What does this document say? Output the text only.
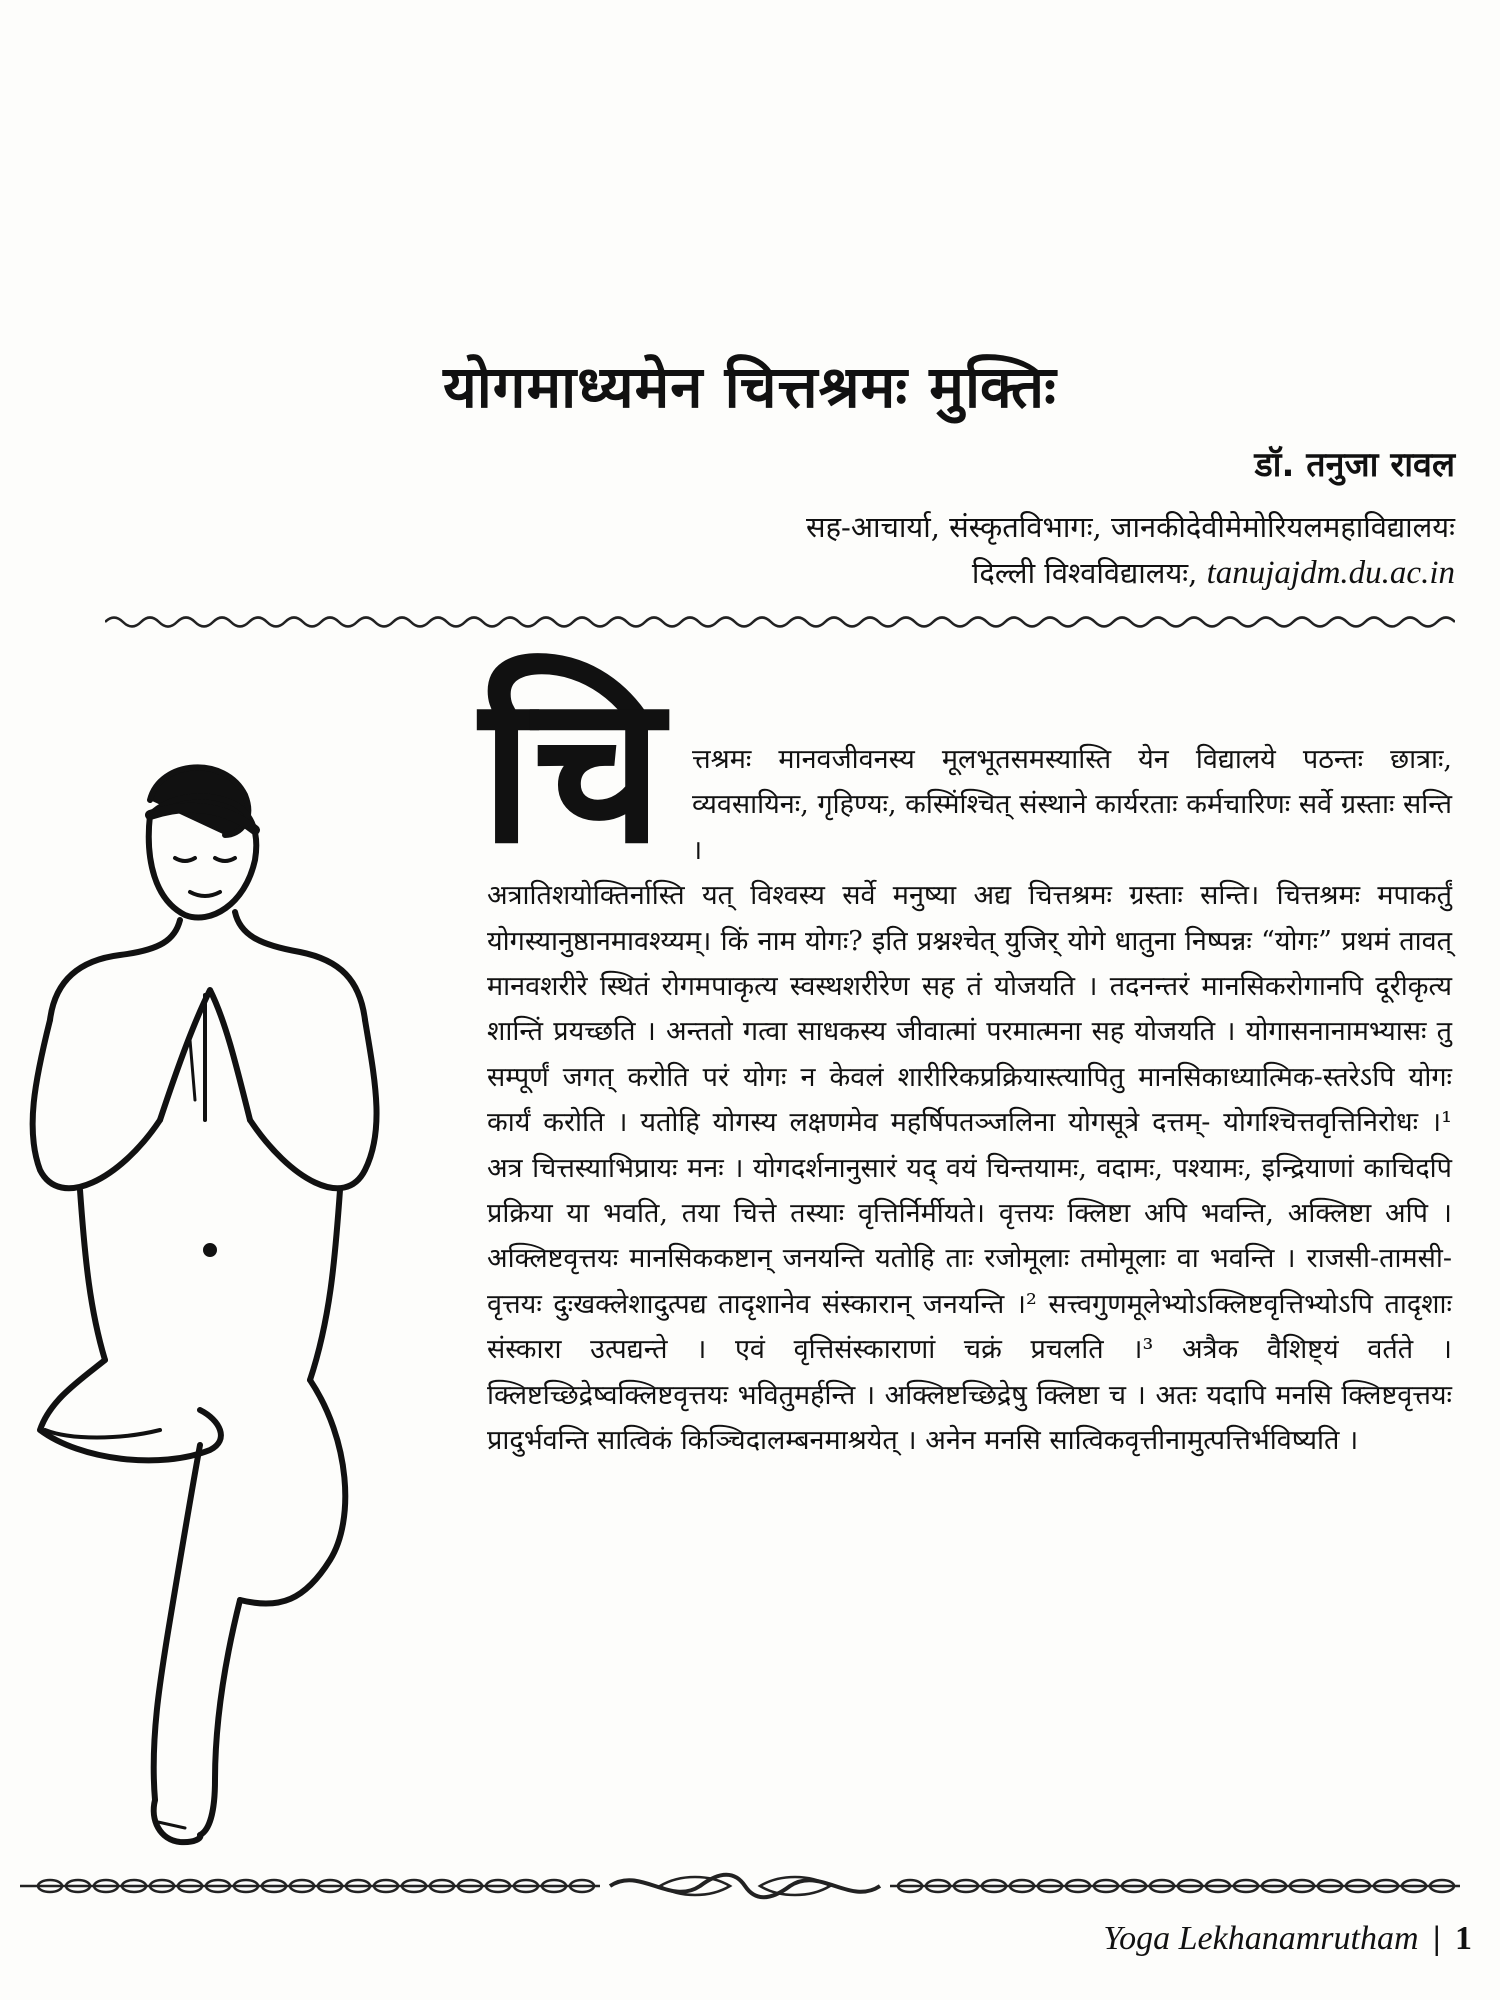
योगमाध्यमेन चित्तश्रमः मुक्तिः
डॉ. तनुजा रावल
सह-आचार्या, संस्कृतविभागः, जानकीदेवीमेमोरियलमहाविद्यालयः
दिल्ली विश्वविद्यालयः, tanujajdm.du.ac.in
चि	त्तश्रमः मानवजीवनस्य मूलभूतसमस्यास्ति येन विद्यालये पठन्तः छात्राः, व्यवसायिनः, गृहिण्यः, कस्मिंश्चित् संस्थाने कार्यरताः कर्मचारिणः सर्वे ग्रस्ताः सन्ति ।
अत्रातिशयोक्तिर्नास्ति यत् विश्वस्य सर्वे मनुष्या अद्य चित्तश्रमः ग्रस्ताः सन्ति। चित्तश्रमः मपाकर्तुं योगस्यानुष्ठानमावश्य्यम्। किं नाम योगः? इति प्रश्नश्चेत् युजिर् योगे धातुना निष्पन्नः “योगः” प्रथमं तावत् मानवशरीरे स्थितं रोगमपाकृत्य स्वस्थशरीरेण सह तं योजयति । तदनन्तरं मानसिकरोगानपि दूरीकृत्य शान्तिं प्रयच्छति । अन्ततो गत्वा साधकस्य जीवात्मां परमात्मना सह योजयति । योगासनानामभ्यासः तु सम्पूर्णं जगत् करोति परं योगः न केवलं शारीरिकप्रक्रियास्त्यापितु मानसिकाध्यात्मिक-स्तरेऽपि योगः कार्यं करोति । यतोहि योगस्य लक्षणमेव महर्षिपतञ्जलिना योगसूत्रे दत्तम्- योगश्चित्तवृत्तिनिरोधः ।¹ अत्र चित्तस्याभिप्रायः मनः । योगदर्शनानुसारं यद् वयं चिन्तयामः, वदामः, पश्यामः, इन्द्रियाणां काचिदपि प्रक्रिया या भवति, तया चित्ते तस्याः वृत्तिर्निर्मीयते। वृत्तयः क्लिष्टा अपि भवन्ति, अक्लिष्टा अपि । अक्लिष्टवृत्तयः मानसिककष्टान् जनयन्ति यतोहि ताः रजोमूलाः तमोमूलाः वा भवन्ति । राजसी-तामसी-वृत्तयः दुःखक्लेशादुत्पद्य तादृशानेव संस्कारान् जनयन्ति ।² सत्त्वगुणमूलेभ्योऽक्लिष्टवृत्तिभ्योऽपि तादृशाः संस्कारा उत्पद्यन्ते । एवं वृत्तिसंस्काराणां चक्रं प्रचलति ।³ अत्रैक वैशिष्ट्यं वर्तते । क्लिष्टच्छिद्रेष्वक्लिष्टवृत्तयः भवितुमर्हन्ति । अक्लिष्टच्छिद्रेषु क्लिष्टा च । अतः यदापि मनसि क्लिष्टवृत्तयः प्रादुर्भवन्ति सात्विकं किञ्चिदालम्बनमाश्रयेत् । अनेन मनसि सात्विकवृत्तीनामुत्पत्तिर्भविष्यति ।
Yoga Lekhanamrutham | 1
